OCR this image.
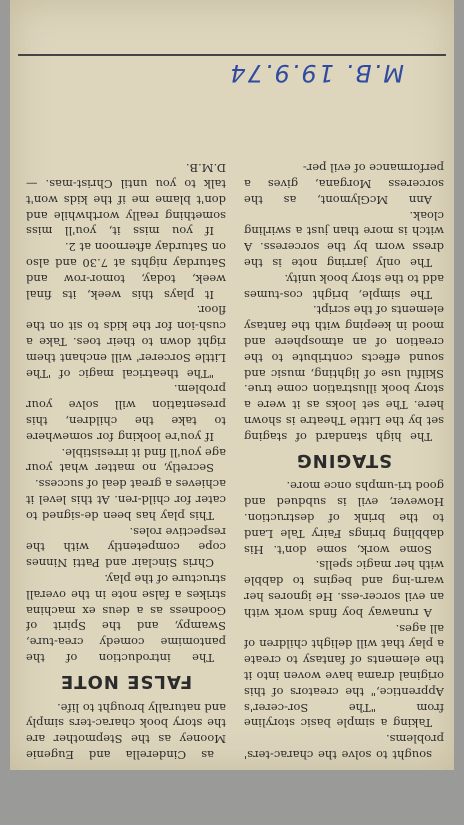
sought to solve the charac-ters' problems.

Taking a simple basic storyline from "The Sor-cerer's Apprentice," the creators of this original drama have woven into it the elements of fantasy to create a play that will delight children of all ages.

A runaway boy finds work with an evil sorcer-ess. He ignores her warn-ing and begins to dabble with her magic spells.

Some work, some don't. His dabbling brings Fairy Tale Land to the brink of destruction. However, evil is subdued and good tri-umphs once more.

STAGING

The high standard of staging set by the Little Theatre is shown here. The set looks as it were a story book illustration come true. Skilful use of lighting, music and sound effects contribute to the creation of an atmosphere and mood in keeping with the fantasy elements of the script.

The simple, bright cos-tumes add to the story book unity.

The only jarring note is the dress worn by the sorceress. A witch is more than just a swirling cloak.

Ann McGlymont, as the sorceress Morgana, gives a performance of evil per-

as Cinderella and Eugenie Mooney as the Stepmother are the story book charac-ters simply and naturally brought to life.

FALSE NOTE

The introduction of the pantomime comedy crea-ture, Swampy, and the Spirit of Goodness as a deus ex machina strikes a false note in the overall structure of the play.

Chris Sinclair and Patti Ninnes cope competently with the respective roles.

This play has been de-signed to cater for child-ren. At this level it achieves a great deal of success.

Secretly, no matter what your age you'll find it irresistible.

If you're looking for somewhere to take the children, this presentation will solve your problem.

"The theatrical magic of 'The Little Sorcerer' will enchant them right down to their toes. Take a cush-ion for the kids to sit on the floor.

It plays this week, its final week, today, tomor-row and Saturday nights at 7.30 and also on Saturday afternoon at 2.

If you miss it, you'll miss something really worthwhile and don't blame me if the kids won't talk to you until Christ-mas. — D.M.B.

M.B. 19.9.74
